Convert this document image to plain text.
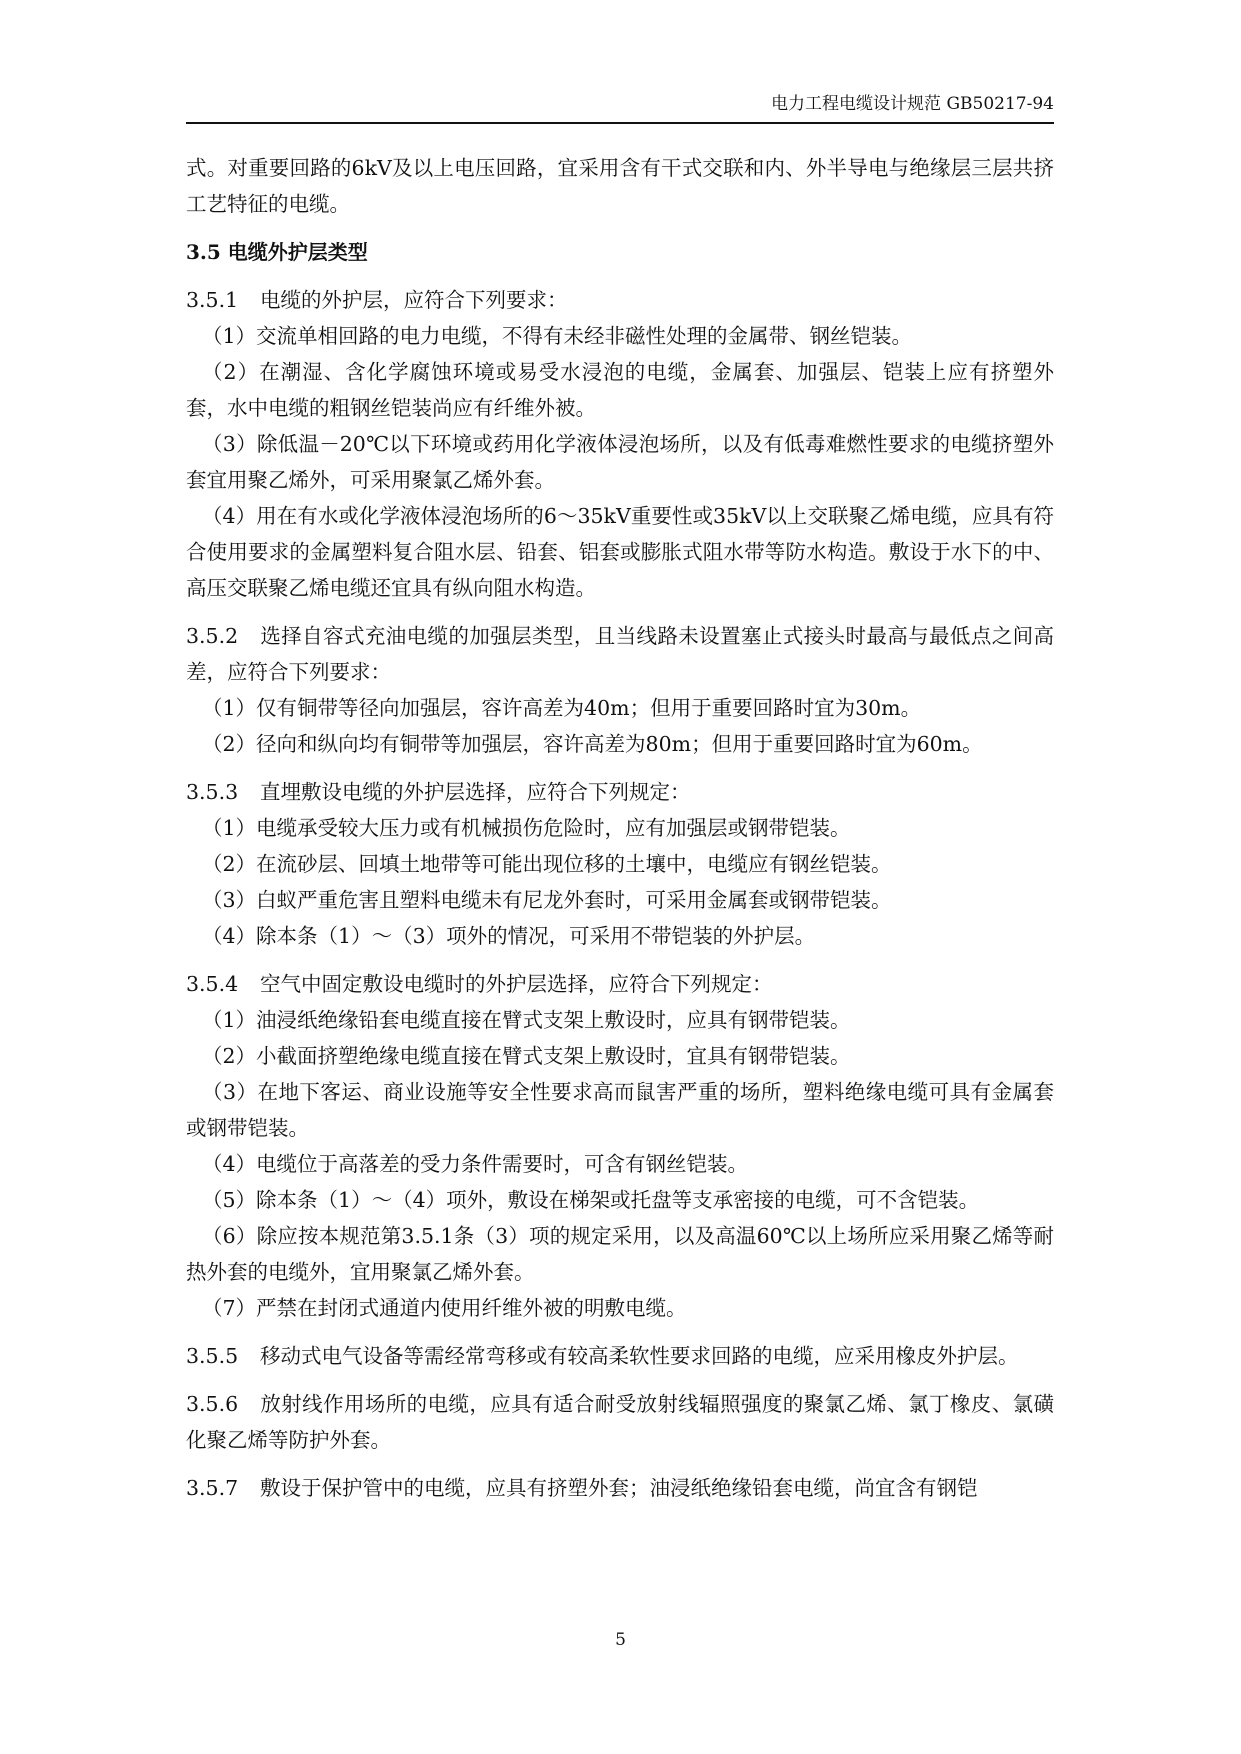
电力工程电缆设计规范 GB50217-94

式。对重要回路的6kV及以上电压回路，宜采用含有干式交联和内、外半导电与绝缘层三层共挤工艺特征的电缆。

3.5 电缆外护层类型

3.5.1 电缆的外护层，应符合下列要求：

（1）交流单相回路的电力电缆，不得有未经非磁性处理的金属带、钢丝铠装。

（2）在潮湿、含化学腐蚀环境或易受水浸泡的电缆，金属套、加强层、铠装上应有挤塑外套，水中电缆的粗钢丝铠装尚应有纤维外被。

（3）除低温－20℃以下环境或药用化学液体浸泡场所，以及有低毒难燃性要求的电缆挤塑外套宜用聚乙烯外，可采用聚氯乙烯外套。

（4）用在有水或化学液体浸泡场所的6～35kV重要性或35kV以上交联聚乙烯电缆，应具有符合使用要求的金属塑料复合阻水层、铅套、铝套或膨胀式阻水带等防水构造。敷设于水下的中、高压交联聚乙烯电缆还宜具有纵向阻水构造。

3.5.2 选择自容式充油电缆的加强层类型，且当线路未设置塞止式接头时最高与最低点之间高差，应符合下列要求：

（1）仅有铜带等径向加强层，容许高差为40m；但用于重要回路时宜为30m。

（2）径向和纵向均有铜带等加强层，容许高差为80m；但用于重要回路时宜为60m。

3.5.3 直埋敷设电缆的外护层选择，应符合下列规定：

（1）电缆承受较大压力或有机械损伤危险时，应有加强层或钢带铠装。

（2）在流砂层、回填土地带等可能出现位移的土壤中，电缆应有钢丝铠装。

（3）白蚁严重危害且塑料电缆未有尼龙外套时，可采用金属套或钢带铠装。

（4）除本条（1）～（3）项外的情况，可采用不带铠装的外护层。

3.5.4 空气中固定敷设电缆时的外护层选择，应符合下列规定：

（1）油浸纸绝缘铅套电缆直接在臂式支架上敷设时，应具有钢带铠装。

（2）小截面挤塑绝缘电缆直接在臂式支架上敷设时，宜具有钢带铠装。

（3）在地下客运、商业设施等安全性要求高而鼠害严重的场所，塑料绝缘电缆可具有金属套或钢带铠装。

（4）电缆位于高落差的受力条件需要时，可含有钢丝铠装。

（5）除本条（1）～（4）项外，敷设在梯架或托盘等支承密接的电缆，可不含铠装。

（6）除应按本规范第3.5.1条（3）项的规定采用，以及高温60℃以上场所应采用聚乙烯等耐热外套的电缆外，宜用聚氯乙烯外套。

（7）严禁在封闭式通道内使用纤维外被的明敷电缆。

3.5.5 移动式电气设备等需经常弯移或有较高柔软性要求回路的电缆，应采用橡皮外护层。

3.5.6 放射线作用场所的电缆，应具有适合耐受放射线辐照强度的聚氯乙烯、氯丁橡皮、氯磺化聚乙烯等防护外套。

3.5.7 敷设于保护管中的电缆，应具有挤塑外套；油浸纸绝缘铅套电缆，尚宜含有钢铠

5
